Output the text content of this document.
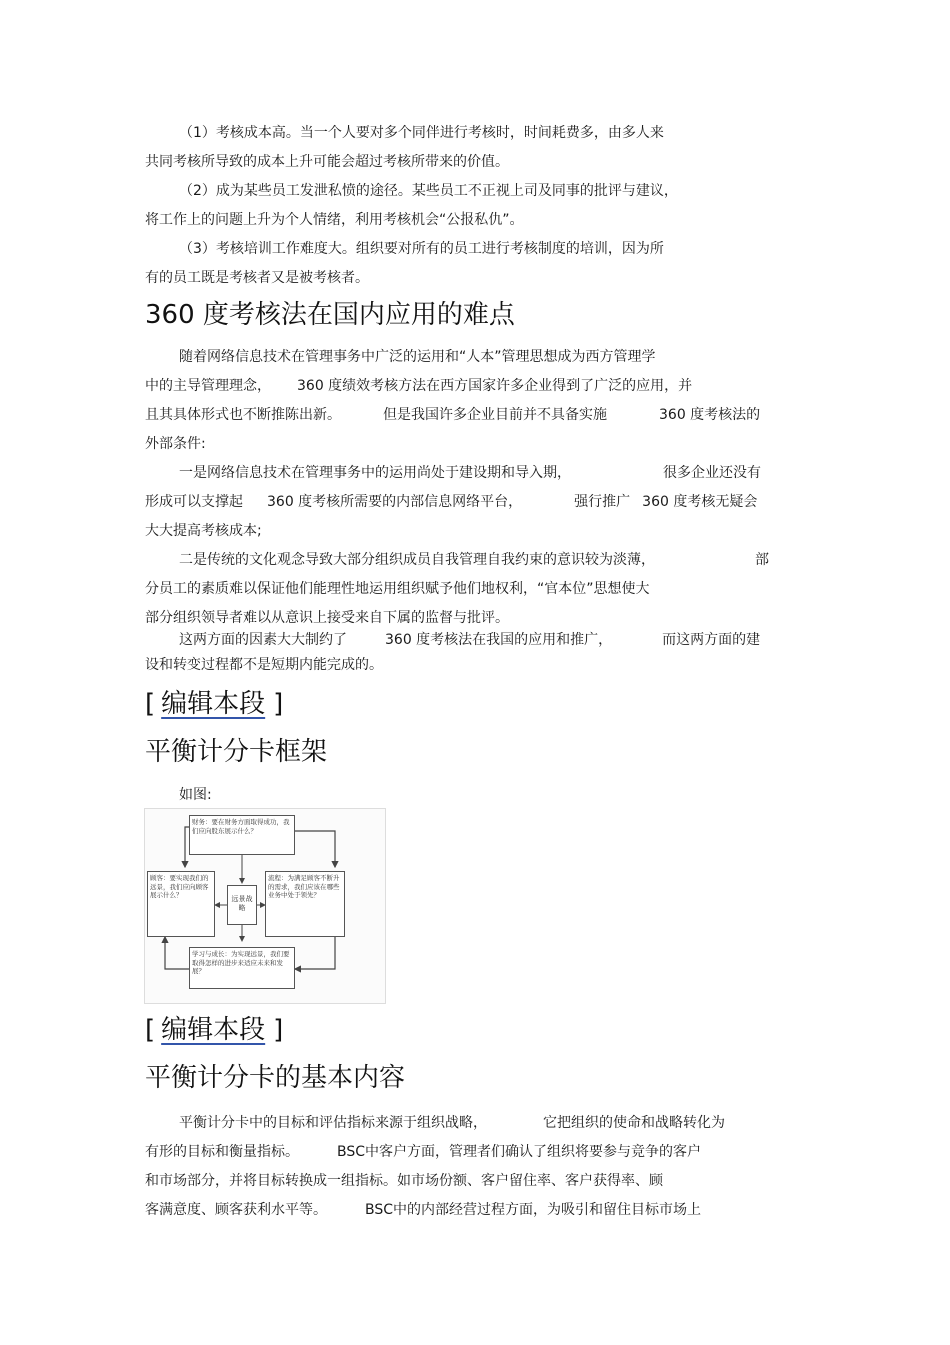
（1）考核成本高。当一个人要对多个同伴进行考核时，时间耗费多，由多人来
共同考核所导致的成本上升可能会超过考核所带来的价值。
（2）成为某些员工发泄私愤的途径。某些员工不正视上司及同事的批评与建议，
将工作上的问题上升为个人情绪，利用考核机会“公报私仇”。
（3）考核培训工作难度大。组织要对所有的员工进行考核制度的培训，因为所
有的员工既是考核者又是被考核者。
360 度考核法在国内应用的难点
随着网络信息技术在管理事务中广泛的运用和“人本”管理思想成为西方管理学
中的主导管理理念， 360 度绩效考核方法在西方国家许多企业得到了广泛的应用，并
且其具体形式也不断推陈出新。	但是我国许多企业目前并不具备实施	360 度考核法的
外部条件:
一是网络信息技术在管理事务中的运用尚处于建设期和导入期，	很多企业还没有
形成可以支撑起 360 度考核所需要的内部信息网络平台，	强行推广 360 度考核无疑会
大大提高考核成本;
二是传统的文化观念导致大部分组织成员自我管理自我约束的意识较为淡薄，	部
分员工的素质难以保证他们能理性地运用组织赋予他们地权利，“官本位”思想使大
部分组织领导者难以从意识上接受来自下属的监督与批评。
这两方面的因素大大制约了	360 度考核法在我国的应用和推广，	而这两方面的建
设和转变过程都不是短期内能完成的。
[ 编辑本段 ]
平衡计分卡框架
如图:
财务：要在财务方面取得成功，我们应向股东展示什么？
顾客：要实现我们的远景，我们应向顾客展示什么？	远景战略
流程：为满足顾客不断升的需求，我们应该在哪些业务中处于领先？
学习与成长：为实现远景，我们要取得怎样的进步来适应未来和发展？
[ 编辑本段 ]
平衡计分卡的基本内容
平衡计分卡中的目标和评估指标来源于组织战略，	它把组织的使命和战略转化为
有形的目标和衡量指标。	BSC中客户方面，管理者们确认了组织将要参与竞争的客户
和市场部分，并将目标转换成一组指标。如市场份额、客户留住率、客户获得率、顾
客满意度、顾客获利水平等。	BSC中的内部经营过程方面，为吸引和留住目标市场上
